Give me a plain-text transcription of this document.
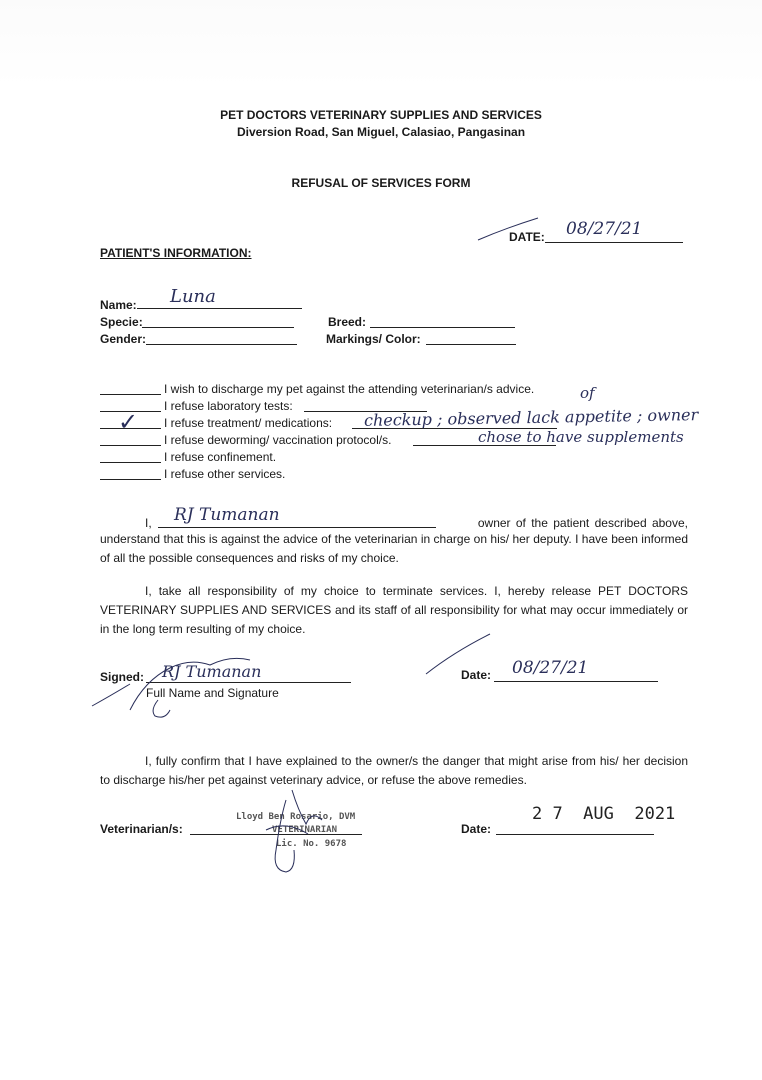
PET DOCTORS VETERINARY SUPPLIES AND SERVICES
Diversion Road, San Miguel, Calasiao, Pangasinan
REFUSAL OF SERVICES FORM
DATE: 08/27/21
PATIENT'S INFORMATION:
Name: Luna
Specie:
Gender:
Breed:
Markings/ Color:
I wish to discharge my pet against the attending veterinarian/s advice.
I refuse laboratory tests:
✓ I refuse treatment/ medications:
I refuse deworming/ vaccination protocol/s.
I refuse confinement.
I refuse other services.
of
checkup ; observed lack appetite ; owner
chose to have supplements
I, RJ Tumanan	owner of the patient described above,
understand that this is against the advice of the veterinarian in charge on his/ her deputy. I have been informed of all the possible consequences and risks of my choice.
I, take all responsibility of my choice to terminate services. I, hereby release PET DOCTORS VETERINARY SUPPLIES AND SERVICES and its staff of all responsibility for what may occur immediately or in the long term resulting of my choice.
Signed: RJ Tumanan
Full Name and Signature
Date: 08/27/21
I, fully confirm that I have explained to the owner/s the danger that might arise from his/ her decision to discharge his/her pet against veterinary advice, or refuse the above remedies.
Veterinarian/s:
Lloyd Ben Rosario, DVM
VETERINARIAN
Lic. No. 9678
Date:
2 7  AUG  2021
